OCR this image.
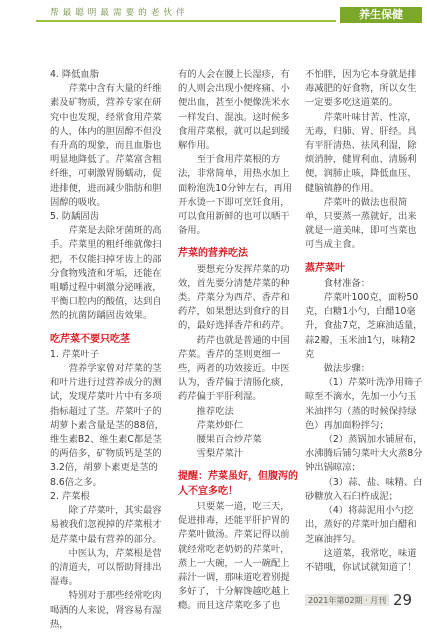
帮最聪明最需要的老伙伴	养生保健

4. 降低血脂

芹菜中含有大量的纤维素及矿物质，营养专家在研究中也发现，经常食用芹菜的人，体内的胆固醇不但没有升高的现象，而且血脂也明显地降低了。芹菜富含粗纤维，可刺激胃肠蠕动，促进排便，进而减少脂肪和胆固醇的吸收。

5. 防龋固齿

芹菜是去除牙菌斑的高手。芹菜里的粗纤维就像扫把，不仅能扫掉牙齿上的部分食物残渣和牙垢，还能在咀嚼过程中刺激分泌唾液，平衡口腔内的酸值，达到自然的抗菌防龋固齿效果。

吃芹菜不要只吃茎

1. 芹菜叶子

营养学家曾对芹菜的茎和叶片进行过营养成分的测试，发现芹菜叶片中有多项指标超过了茎。芹菜叶子的胡萝卜素含量是茎的88倍，维生素B2、维生素C都是茎的两倍多，矿物质钙是茎的3.2倍，胡萝卜素更是茎的8.6倍之多。

2. 芹菜根

除了芹菜叶，其实最容易被我们忽视掉的芹菜根才是芹菜中最有营养的部分。

中医认为，芹菜根是营的清道夫，可以帮助肾排出湿毒。

特别对于那些经常吃肉喝酒的人来说，肾容易有湿热，

有的人会在腰上长湿疹，有的人则会出现小便疼痛、小便出血，甚至小便像洗米水一样发白、混浊。这时候多食用芹菜根，就可以起到缓解作用。

至于食用芹菜根的方法，非常简单，用热水加上面粉泡洗10分钟左右，再用开水烫一下即可烹饪食用，可以食用新鲜的也可以晒干备用。

芹菜的营养吃法

要想充分发挥芹菜的功效，首先要分清楚芹菜的种类。芹菜分为西芹、香芹和药芹，如果想达到食疗的目的，最好选择香芹和药芹。

药芹也就是普通的中国芹菜。香芹的茎则更细一些，两者的功效接近。中医认为，香芹偏于清肠化痰，药芹偏于平肝利湿。

推荐吃法

芹菜炒虾仁

腰果百合炒芹菜

雪梨芹菜汁

提醒：芹菜虽好，但腹泻的人不宜多吃！

只要菜一道，吃三天，促进排毒，还能平肝护胃的芹菜叶做汤。芹菜记得以前就经常吃老奶奶的芹菜叶，蒸上一大碗，一人一碗配上蒜汁一调，那味道吃着别提多好了，十分解馋越吃越上瘾。而且这芹菜吃多了也

不怕胖，因为它本身就是排毒减肥的好食物，所以女生一定要多吃这道菜的。

芹菜叶味甘苦、性凉，无毒，归肺、胃、肝经。具有平肝清热、祛风利湿，除烦消肿，健胃利血、清肠利便，润肺止咳，降低血压、健脑镇静的作用。

芹菜叶的做法也很简单，只要蒸一蒸就好，出来就是一道美味，即可当菜也可当成主食。

蒸芹菜叶

食材准备：

芹菜叶100克，面粉50克，白糖1小勺，白醋10毫升，食盐7克，芝麻油适量，蒜2瓣，玉米油1勺，味精2克

做法步骤：

（1）芹菜叶洗净用筛子晾至不滴水，先加一小勺玉米油拌匀（蒸的时候保持绿色）再加面粉拌匀；

（2）蒸锅加水铺屉布，水沸腾后铺匀菜叶大火蒸8分钟出锅晾凉；

（3）蒜、盐、味精、白砂糖放入石臼杵成泥；

（4）将蒜泥用小勺挖出，蒸好的芹菜叶加白醋和芝麻油拌匀。

这道菜，我常吃，味道不错哦，你试试就知道了！

2021年第02期 · 月刊 29
